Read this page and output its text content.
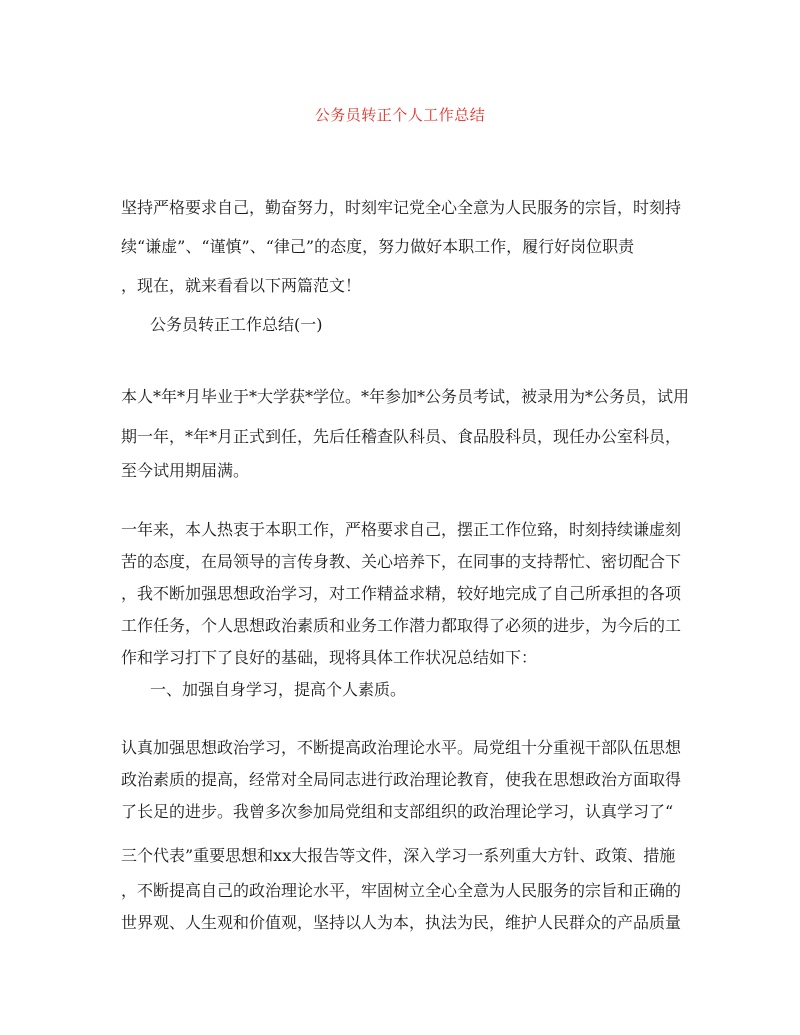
公务员转正个人工作总结
坚持严格要求自己，勤奋努力，时刻牢记党全心全意为人民服务的宗旨，时刻持
续“谦虚”、“谨慎”、“律己”的态度，努力做好本职工作，履行好岗位职责
，现在，就来看看以下两篇范文！
公务员转正工作总结(一)
本人*年*月毕业于*大学获*学位。*年参加*公务员考试，被录用为*公务员，试用
期一年，*年*月正式到任，先后任稽查队科员、食品股科员，现任办公室科员，
至今试用期届满。
一年来，本人热衷于本职工作，严格要求自己，摆正工作位臵，时刻持续谦虚刻
苦的态度，在局领导的言传身教、关心培养下，在同事的支持帮忙、密切配合下
，我不断加强思想政治学习，对工作精益求精，较好地完成了自己所承担的各项
工作任务，个人思想政治素质和业务工作潜力都取得了必须的进步，为今后的工
作和学习打下了良好的基础，现将具体工作状况总结如下：
一、加强自身学习，提高个人素质。
认真加强思想政治学习，不断提高政治理论水平。局党组十分重视干部队伍思想
政治素质的提高，经常对全局同志进行政治理论教育，使我在思想政治方面取得
了长足的进步。我曾多次参加局党组和支部组织的政治理论学习，认真学习了“
三个代表”重要思想和xx大报告等文件，深入学习一系列重大方针、政策、措施
，不断提高自己的政治理论水平，牢固树立全心全意为人民服务的宗旨和正确的
世界观、人生观和价值观，坚持以人为本，执法为民，维护人民群众的产品质量
